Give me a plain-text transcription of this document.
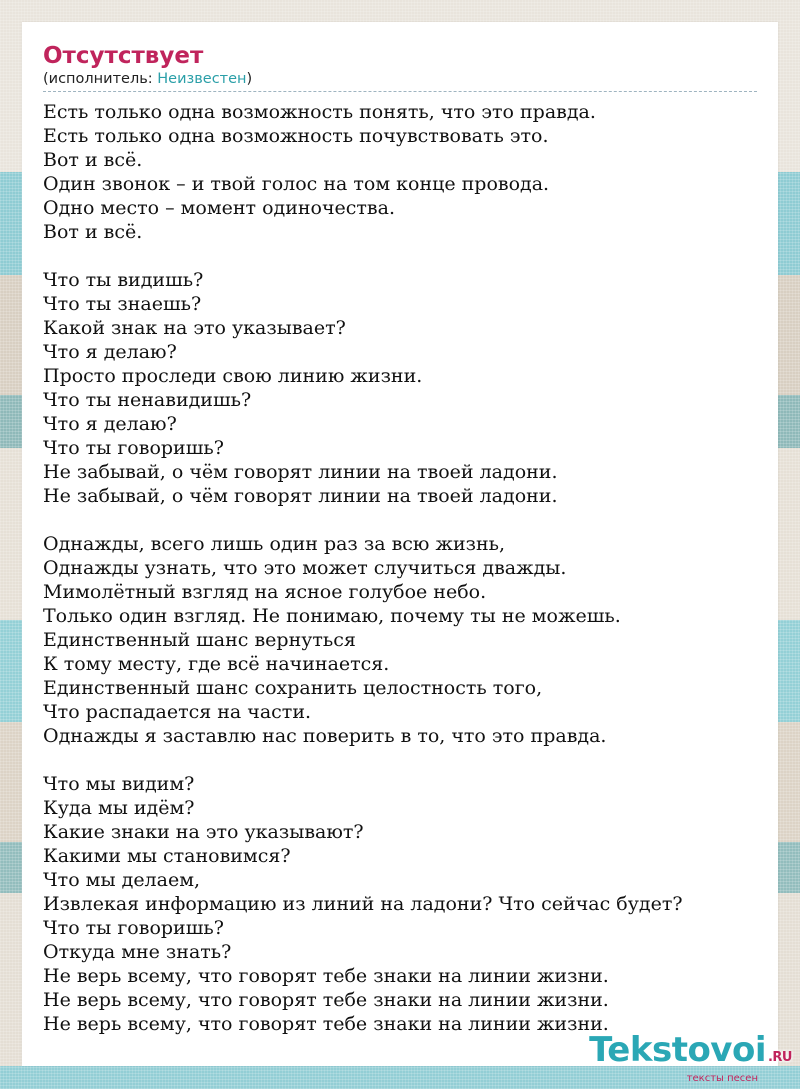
Отсутствует
(исполнитель: Неизвестен)
Есть только одна возможность понять, что это правда.
Есть только одна возможность почувствовать это.
Вот и всё.
Один звонок – и твой голос на том конце провода.
Одно место – момент одиночества.
Вот и всё.
Что ты видишь?
Что ты знаешь?
Какой знак на это указывает?
Что я делаю?
Просто проследи свою линию жизни.
Что ты ненавидишь?
Что я делаю?
Что ты говоришь?
Не забывай, о чём говорят линии на твоей ладони.
Не забывай, о чём говорят линии на твоей ладони.
Однажды, всего лишь один раз за всю жизнь,
Однажды узнать, что это может случиться дважды.
Мимолётный взгляд на ясное голубое небо.
Только один взгляд. Не понимаю, почему ты не можешь.
Единственный шанс вернуться
К тому месту, где всё начинается.
Единственный шанс сохранить целостность того,
Что распадается на части.
Однажды я заставлю нас поверить в то, что это правда.
Что мы видим?
Куда мы идём?
Какие знаки на это указывают?
Какими мы становимся?
Что мы делаем,
Извлекая информацию из линий на ладони? Что сейчас будет?
Что ты говоришь?
Откуда мне знать?
Не верь всему, что говорят тебе знаки на линии жизни.
Не верь всему, что говорят тебе знаки на линии жизни.
Не верь всему, что говорят тебе знаки на линии жизни.
Tekstovoi .RU
тексты песен
